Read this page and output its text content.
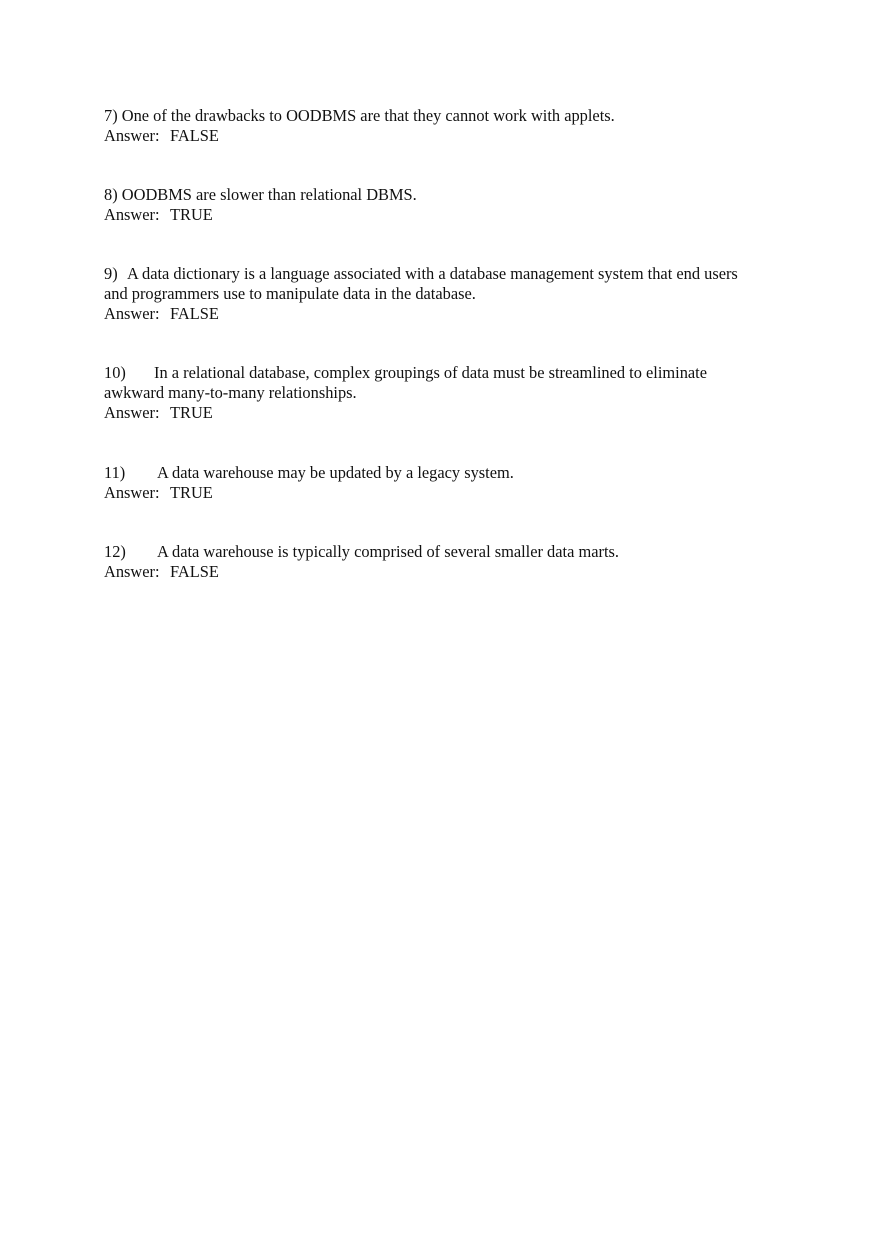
7) One of the drawbacks to OODBMS are that they cannot work with applets.
Answer: FALSE
8) OODBMS are slower than relational DBMS.
Answer: TRUE
9) A data dictionary is a language associated with a database management system that end users
and programmers use to manipulate data in the database.
Answer: FALSE
10) In a relational database, complex groupings of data must be streamlined to eliminate
awkward many-to-many relationships.
Answer: TRUE
11) A data warehouse may be updated by a legacy system.
Answer: TRUE
12) A data warehouse is typically comprised of several smaller data marts.
Answer: FALSE
